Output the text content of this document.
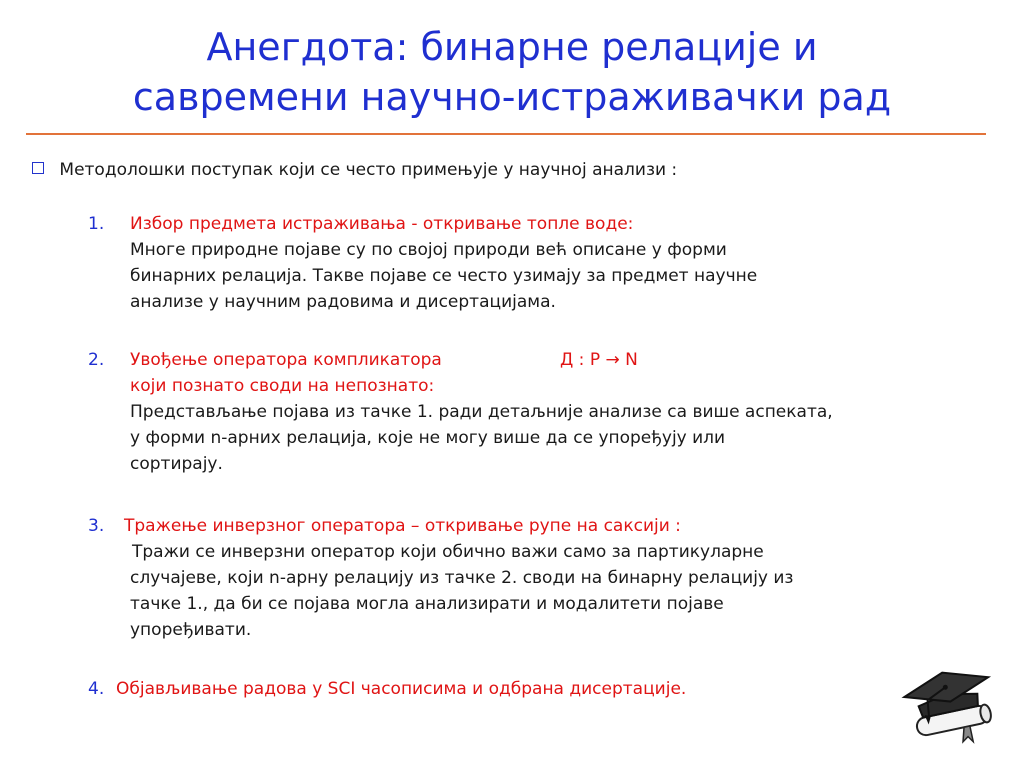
Анегдота: бинарне релације и
савремени научно-истраживачки рад
Методолошки поступак који се често примењује у научној анализи :
1. Избор предмета истраживања - откривање топле воде:
Многе природне појаве су по својој природи већ описане у форми
бинарних релација. Такве појаве се често узимају за предмет научне
анализе у научним радовима и дисертацијама.
2. Увођење оператора компликатора	Д : Р → N
који познато своди на непознато:
Представљање појава из тачке 1. ради детаљније анализе са више аспеката,
у форми n-арних релација, које не могу више да се упоређују или
сортирају.
3. Тражење инверзног оператора – откривање рупе на саксији :
Тражи се инверзни оператор који обично важи само за партикуларне
случајеве, који n-арну релацију из тачке 2. своди на бинарну релацију из
тачке 1., да би се појава могла анализирати и модалитети појаве
упоређивати.
4. Објављивање радова у SCI часописима и одбрана дисертације.
